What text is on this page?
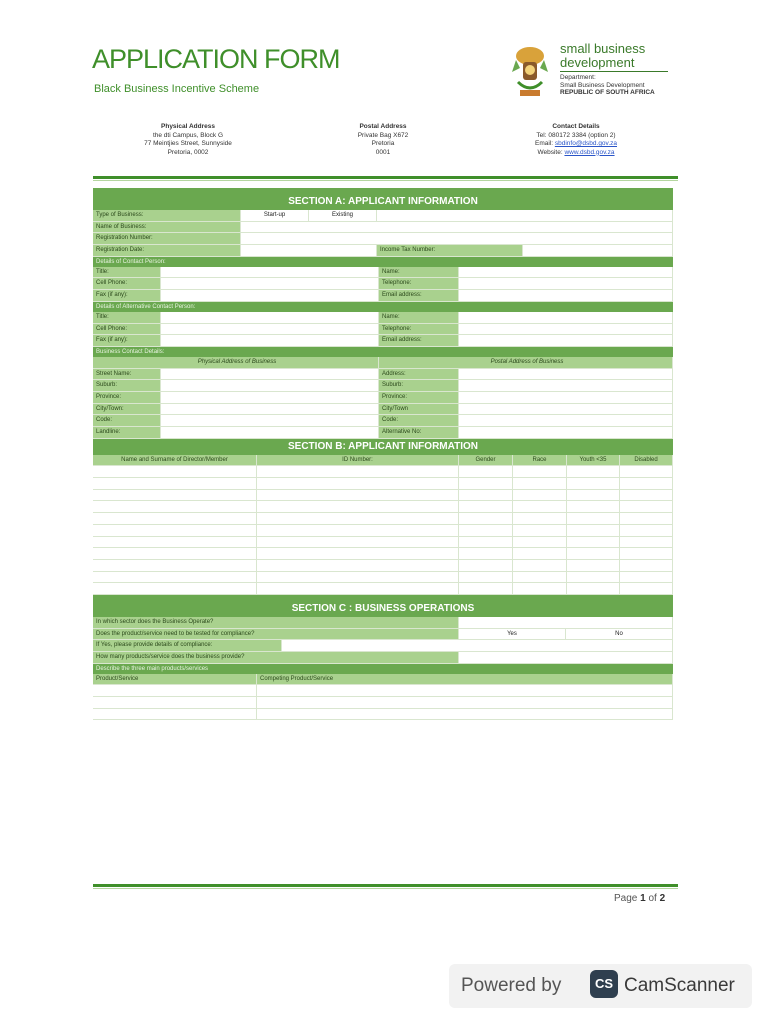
APPLICATION FORM
Black Business Incentive Scheme
small business
development
Department:
Small Business Development
REPUBLIC OF SOUTH AFRICA
Physical Address
the dti Campus, Block G
77 Meintjies Street, Sunnyside
Pretoria, 0002
Postal Address
Private Bag X672
Pretoria
0001
Contact Details
Tel: 080172 3384 (option 2)
Email: sbdinfo@dsbd.gov.za
Website: www.dsbd.gov.za
SECTION A: APPLICANT INFORMATION
Type of Business:	Start-up	Existing
Name of Business:
Registration Number:
Registration Date:	Income Tax Number:
Details of Contact Person:
Title:	Name:
Cell Phone:	Telephone:
Fax (if any):	Email address:
Details of Alternative Contact Person:
Title:	Name:
Cell Phone:	Telephone:
Fax (if any):	Email address:
Business Contact Details:
Physical Address of Business	Postal Address of Business
Street Name:	Address:
Suburb:	Suburb:
Province:	Province:
City/Town:	City/Town
Code:	Code:
Landline:	Alternative No:
SECTION B: APPLICANT INFORMATION
Name and Surname of Director/Member	ID Number:	Gender	Race	Youth <35	Disabled
SECTION C : BUSINESS OPERATIONS
In which sector does the Business Operate?
Does the product/service need to be tested for compliance?	Yes	No
If Yes, please provide details of compliance:
How many products/service does the business provide?
Describe the three main products/services
Product/Service	Competing Product/Service
Page 1 of 2
Powered by	CS CamScanner
